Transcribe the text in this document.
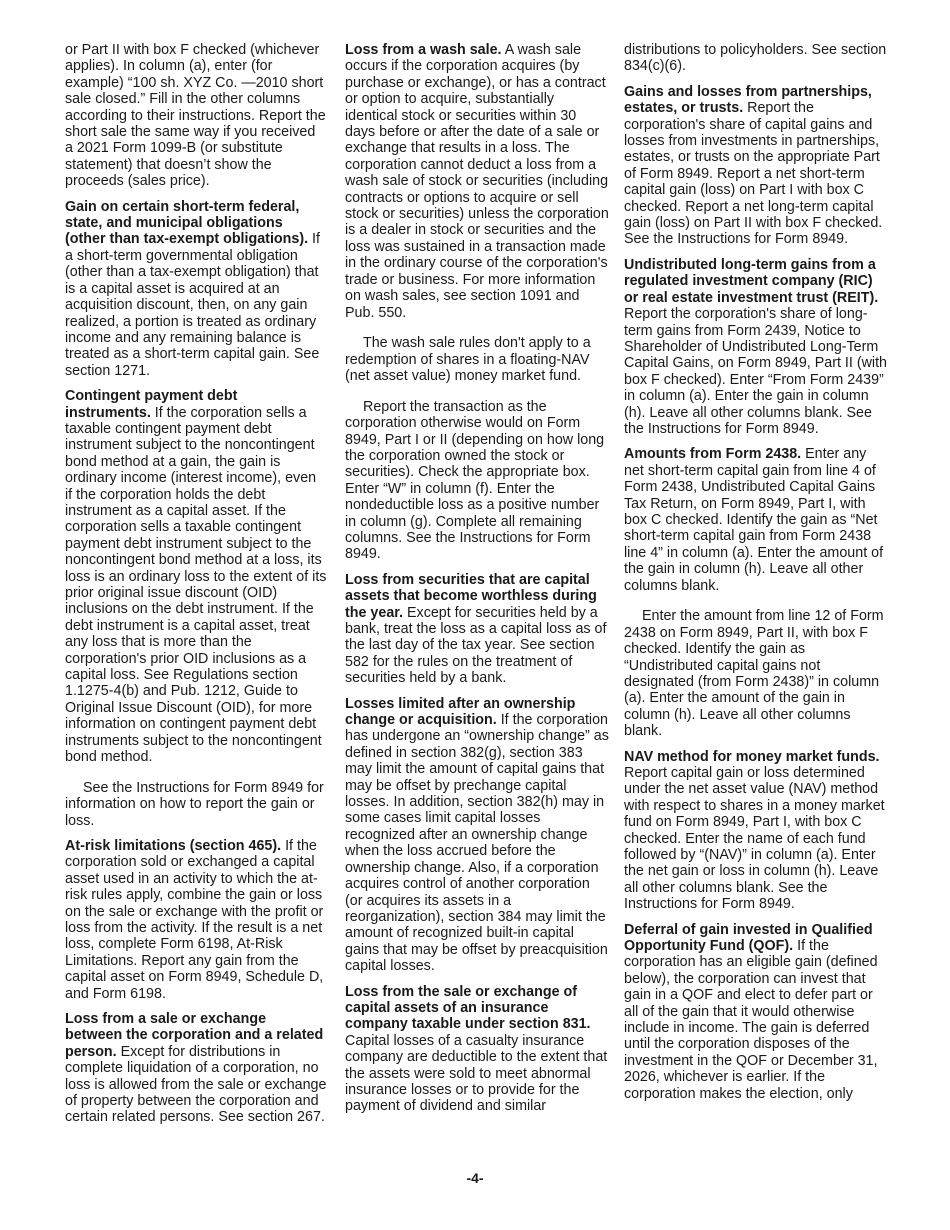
or Part II with box F checked (whichever applies). In column (a), enter (for example) “100 sh. XYZ Co. —2010 short sale closed.” Fill in the other columns according to their instructions. Report the short sale the same way if you received a 2021 Form 1099-B (or substitute statement) that doesn’t show the proceeds (sales price).

Gain on certain short-term federal, state, and municipal obligations (other than tax-exempt obligations). If a short-term governmental obligation (other than a tax-exempt obligation) that is a capital asset is acquired at an acquisition discount, then, on any gain realized, a portion is treated as ordinary income and any remaining balance is treated as a short-term capital gain. See section 1271.

Contingent payment debt instruments. If the corporation sells a taxable contingent payment debt instrument subject to the noncontingent bond method at a gain, the gain is ordinary income (interest income), even if the corporation holds the debt instrument as a capital asset. If the corporation sells a taxable contingent payment debt instrument subject to the noncontingent bond method at a loss, its loss is an ordinary loss to the extent of its prior original issue discount (OID) inclusions on the debt instrument. If the debt instrument is a capital asset, treat any loss that is more than the corporation's prior OID inclusions as a capital loss. See Regulations section 1.1275-4(b) and Pub. 1212, Guide to Original Issue Discount (OID), for more information on contingent payment debt instruments subject to the noncontingent bond method.

See the Instructions for Form 8949 for information on how to report the gain or loss.

At-risk limitations (section 465). If the corporation sold or exchanged a capital asset used in an activity to which the at-risk rules apply, combine the gain or loss on the sale or exchange with the profit or loss from the activity. If the result is a net loss, complete Form 6198, At-Risk Limitations. Report any gain from the capital asset on Form 8949, Schedule D, and Form 6198.

Loss from a sale or exchange between the corporation and a related person. Except for distributions in complete liquidation of a corporation, no loss is allowed from the sale or exchange of property between the corporation and certain related persons. See section 267.

Loss from a wash sale. A wash sale occurs if the corporation acquires (by purchase or exchange), or has a contract or option to acquire, substantially identical stock or securities within 30 days before or after the date of a sale or exchange that results in a loss. The corporation cannot deduct a loss from a wash sale of stock or securities (including contracts or options to acquire or sell stock or securities) unless the corporation is a dealer in stock or securities and the loss was sustained in a transaction made in the ordinary course of the corporation's trade or business. For more information on wash sales, see section 1091 and Pub. 550.

The wash sale rules don't apply to a redemption of shares in a floating-NAV (net asset value) money market fund.

Report the transaction as the corporation otherwise would on Form 8949, Part I or II (depending on how long the corporation owned the stock or securities). Check the appropriate box. Enter “W” in column (f). Enter the nondeductible loss as a positive number in column (g). Complete all remaining columns. See the Instructions for Form 8949.

Loss from securities that are capital assets that become worthless during the year. Except for securities held by a bank, treat the loss as a capital loss as of the last day of the tax year. See section 582 for the rules on the treatment of securities held by a bank.

Losses limited after an ownership change or acquisition. If the corporation has undergone an “ownership change” as defined in section 382(g), section 383 may limit the amount of capital gains that may be offset by prechange capital losses. In addition, section 382(h) may in some cases limit capital losses recognized after an ownership change when the loss accrued before the ownership change. Also, if a corporation acquires control of another corporation (or acquires its assets in a reorganization), section 384 may limit the amount of recognized built-in capital gains that may be offset by preacquisition capital losses.

Loss from the sale or exchange of capital assets of an insurance company taxable under section 831. Capital losses of a casualty insurance company are deductible to the extent that the assets were sold to meet abnormal insurance losses or to provide for the payment of dividend and similar

distributions to policyholders. See section 834(c)(6).

Gains and losses from partnerships, estates, or trusts. Report the corporation's share of capital gains and losses from investments in partnerships, estates, or trusts on the appropriate Part of Form 8949. Report a net short-term capital gain (loss) on Part I with box C checked. Report a net long-term capital gain (loss) on Part II with box F checked. See the Instructions for Form 8949.

Undistributed long-term gains from a regulated investment company (RIC) or real estate investment trust (REIT). Report the corporation's share of long-term gains from Form 2439, Notice to Shareholder of Undistributed Long-Term Capital Gains, on Form 8949, Part II (with box F checked). Enter “From Form 2439” in column (a). Enter the gain in column (h). Leave all other columns blank. See the Instructions for Form 8949.

Amounts from Form 2438. Enter any net short-term capital gain from line 4 of Form 2438, Undistributed Capital Gains Tax Return, on Form 8949, Part I, with box C checked. Identify the gain as “Net short-term capital gain from Form 2438 line 4” in column (a). Enter the amount of the gain in column (h). Leave all other columns blank.

Enter the amount from line 12 of Form 2438 on Form 8949, Part II, with box F checked. Identify the gain as “Undistributed capital gains not designated (from Form 2438)” in column (a). Enter the amount of the gain in column (h). Leave all other columns blank.

NAV method for money market funds. Report capital gain or loss determined under the net asset value (NAV) method with respect to shares in a money market fund on Form 8949, Part I, with box C checked. Enter the name of each fund followed by “(NAV)” in column (a). Enter the net gain or loss in column (h). Leave all other columns blank. See the Instructions for Form 8949.

Deferral of gain invested in Qualified Opportunity Fund (QOF). If the corporation has an eligible gain (defined below), the corporation can invest that gain in a QOF and elect to defer part or all of the gain that it would otherwise include in income. The gain is deferred until the corporation disposes of the investment in the QOF or December 31, 2026, whichever is earlier. If the corporation makes the election, only

-4-
